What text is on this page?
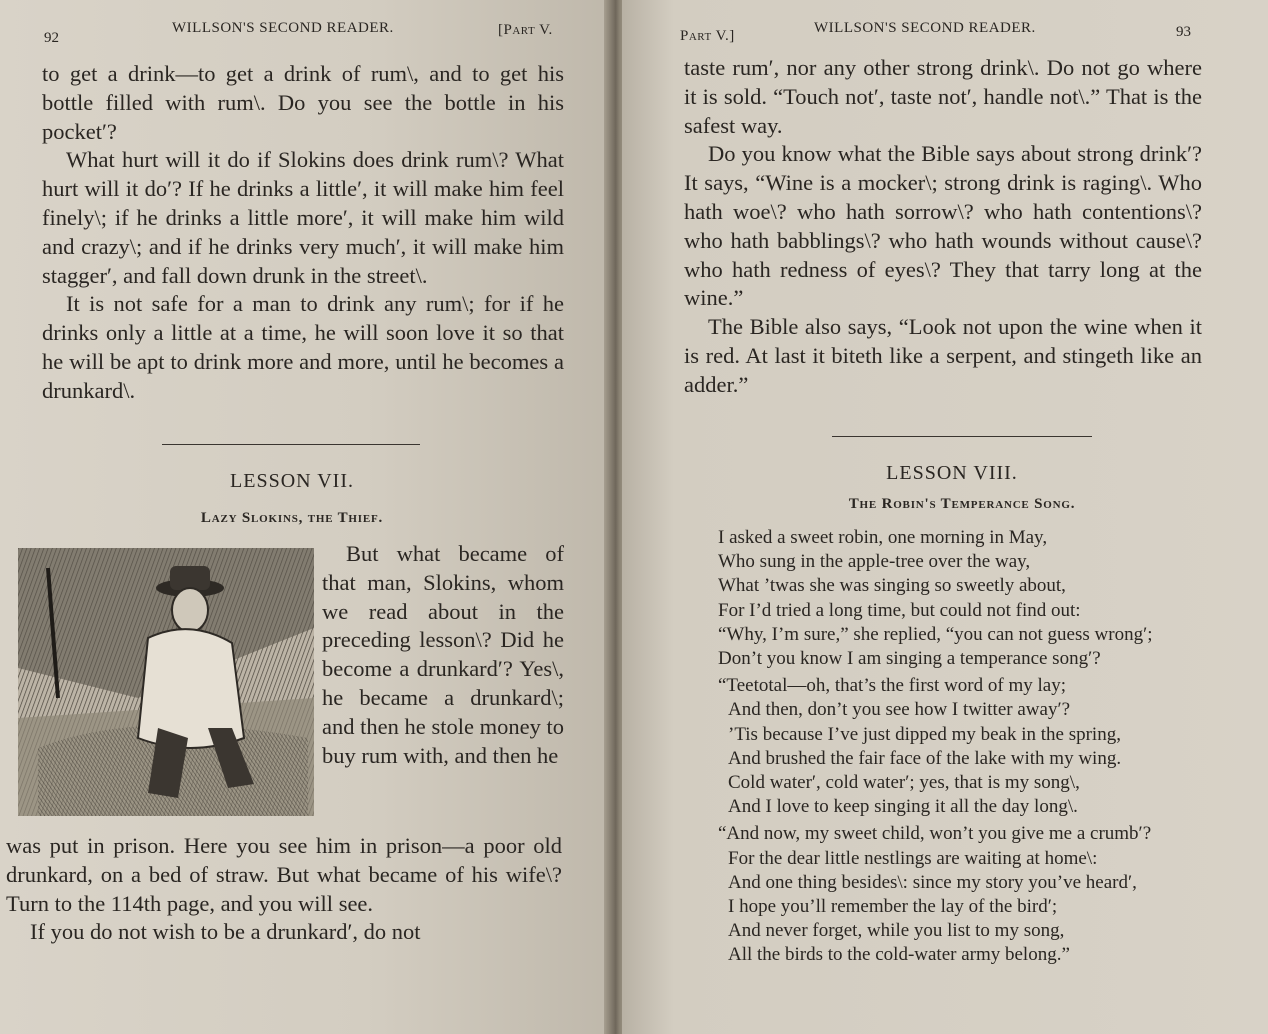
92
WILLSON'S SECOND READER.	[Part V.

to get a drink—to get a drink of rum\, and to get his bottle filled with rum\. Do you see the bottle in his pocket′?

What hurt will it do if Slokins does drink rum\? What hurt will it do′? If he drinks a little′, it will make him feel finely\; if he drinks a little more′, it will make him wild and crazy\; and if he drinks very much′, it will make him stagger′, and fall down drunk in the street\.

It is not safe for a man to drink any rum\; for if he drinks only a little at a time, he will soon love it so that he will be apt to drink more and more, until he becomes a drunkard\.

LESSON VII.
Lazy Slokins, the Thief.

But what became of that man, Slokins, whom we read about in the preceding lesson\? Did he become a drunkard′? Yes\, he became a drunkard\; and then he stole money to buy rum with, and then he

was put in prison. Here you see him in prison—a poor old drunkard, on a bed of straw. But what became of his wife\? Turn to the 114th page, and you will see.

If you do not wish to be a drunkard′, do not

Part V.]	WILLSON'S SECOND READER.	93

taste rum′, nor any other strong drink\. Do not go where it is sold. “Touch not′, taste not′, handle not\.” That is the safest way.

Do you know what the Bible says about strong drink′? It says, “Wine is a mocker\; strong drink is raging\. Who hath woe\? who hath sorrow\? who hath contentions\? who hath babblings\? who hath wounds without cause\? who hath redness of eyes\? They that tarry long at the wine.”

The Bible also says, “Look not upon the wine when it is red. At last it biteth like a serpent, and stingeth like an adder.”

LESSON VIII.
The Robin's Temperance Song.
I asked a sweet robin, one morning in May,
Who sung in the apple-tree over the way,
What ’twas she was singing so sweetly about,
For I’d tried a long time, but could not find out:
“Why, I’m sure,” she replied, “you can not guess wrong′;
Don’t you know I am singing a temperance song′?
“Teetotal—oh, that’s the first word of my lay;
And then, don’t you see how I twitter away′?
’Tis because I’ve just dipped my beak in the spring,
And brushed the fair face of the lake with my wing.
Cold water′, cold water′; yes, that is my song\,
And I love to keep singing it all the day long\.
“And now, my sweet child, won’t you give me a crumb′?
For the dear little nestlings are waiting at home\:
And one thing besides\: since my story you’ve heard′,
I hope you’ll remember the lay of the bird′;
And never forget, while you list to my song,
All the birds to the cold-water army belong.”
